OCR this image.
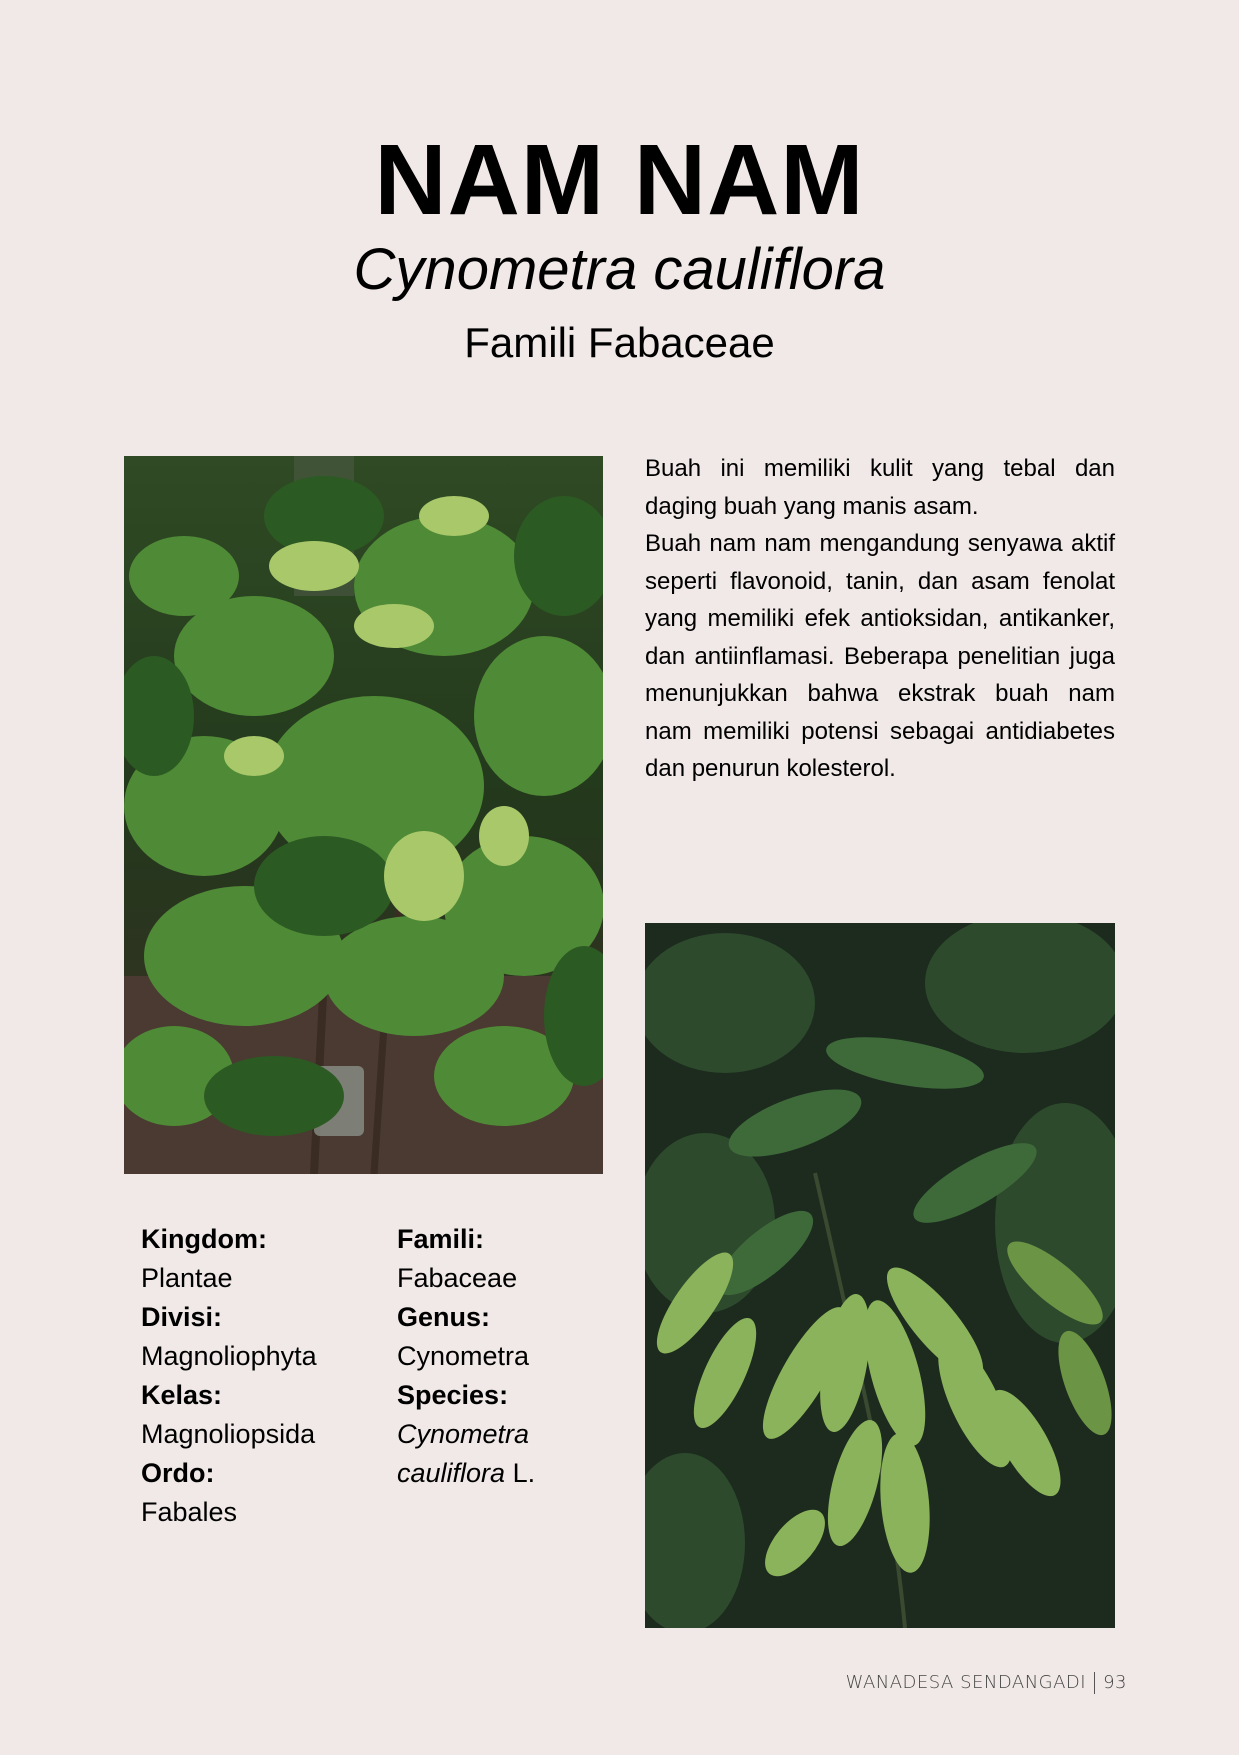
NAM NAM
Cynometra cauliflora
Famili Fabaceae

Buah ini memiliki kulit yang tebal dan daging buah yang manis asam.

Buah nam nam mengandung senyawa aktif seperti flavonoid, tanin, dan asam fenolat yang memiliki efek antioksidan, antikanker, dan antiinflamasi. Beberapa penelitian juga menunjukkan bahwa ekstrak buah nam nam memiliki potensi sebagai antidiabetes dan penurun kolesterol.

Kingdom:
Plantae
Divisi:
Magnoliophyta
Kelas:
Magnoliopsida
Ordo:
Fabales
Famili:
Fabaceae
Genus:
Cynometra
Species:
Cynometra
cauliflora L.
WANADESA SENDANGADI 93
